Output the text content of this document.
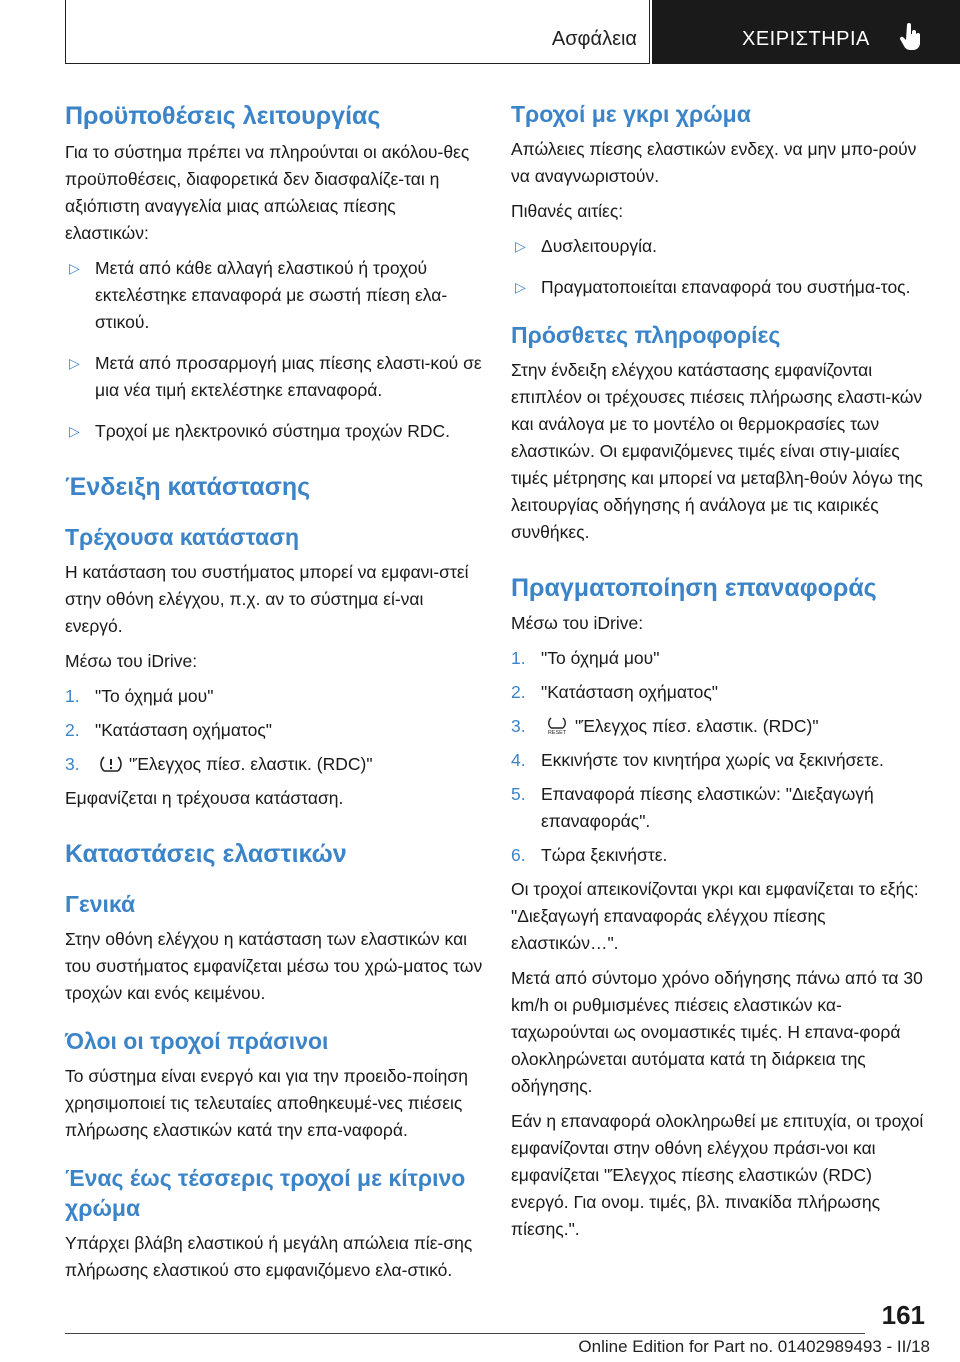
Ασφάλεια	ΧΕΙΡΙΣΤΗΡΙΑ
Προϋποθέσεις λειτουργίας
Για το σύστημα πρέπει να πληρούνται οι ακόλου-θες προϋποθέσεις, διαφορετικά δεν διασφαλίζε-ται η αξιόπιστη αναγγελία μιας απώλειας πίεσης ελαστικών:
▷ Μετά από κάθε αλλαγή ελαστικού ή τροχού εκτελέστηκε επαναφορά με σωστή πίεση ελα-στικού.
▷ Μετά από προσαρμογή μιας πίεσης ελαστι-κού σε μια νέα τιμή εκτελέστηκε επαναφορά.
▷ Τροχοί με ηλεκτρονικό σύστημα τροχών RDC.
Ένδειξη κατάστασης
Τρέχουσα κατάσταση
Η κατάσταση του συστήματος μπορεί να εμφανι-στεί στην οθόνη ελέγχου, π.χ. αν το σύστημα εί-ναι ενεργό.
Μέσω του iDrive:
1. "Το όχημά μου"
2. "Κατάσταση οχήματος"
3.	"Έλεγχος πίεσ. ελαστικ. (RDC)"
Εμφανίζεται η τρέχουσα κατάσταση.
Καταστάσεις ελαστικών
Γενικά
Στην οθόνη ελέγχου η κατάσταση των ελαστικών και του συστήματος εμφανίζεται μέσω του χρώ-ματος των τροχών και ενός κειμένου.
Όλοι οι τροχοί πράσινοι
Το σύστημα είναι ενεργό και για την προειδο-ποίηση χρησιμοποιεί τις τελευταίες αποθηκευμέ-νες πιέσεις πλήρωσης ελαστικών κατά την επα-ναφορά.
Ένας έως τέσσερις τροχοί με κίτρινο χρώμα
Υπάρχει βλάβη ελαστικού ή μεγάλη απώλεια πίε-σης πλήρωσης ελαστικού στο εμφανιζόμενο ελα-στικό.
Τροχοί με γκρι χρώμα
Απώλειες πίεσης ελαστικών ενδεχ. να μην μπο-ρούν να αναγνωριστούν.
Πιθανές αιτίες:
▷ Δυσλειτουργία.
▷ Πραγματοποιείται επαναφορά του συστήμα-τος.
Πρόσθετες πληροφορίες
Στην ένδειξη ελέγχου κατάστασης εμφανίζονται επιπλέον οι τρέχουσες πιέσεις πλήρωσης ελαστι-κών και ανάλογα με το μοντέλο οι θερμοκρασίες των ελαστικών. Οι εμφανιζόμενες τιμές είναι στιγ-μιαίες τιμές μέτρησης και μπορεί να μεταβλη-θούν λόγω της λειτουργίας οδήγησης ή ανάλογα με τις καιρικές συνθήκες.
Πραγματοποίηση επαναφοράς
Μέσω του iDrive:
1. "Το όχημά μου"
2. "Κατάσταση οχήματος"
3.	RESET "Έλεγχος πίεσ. ελαστικ. (RDC)"
4. Εκκινήστε τον κινητήρα χωρίς να ξεκινήσετε.
5. Επαναφορά πίεσης ελαστικών: "Διεξαγωγή επαναφοράς".
6. Τώρα ξεκινήστε.
Οι τροχοί απεικονίζονται γκρι και εμφανίζεται το εξής: "Διεξαγωγή επαναφοράς ελέγχου πίεσης ελαστικών…".
Μετά από σύντομο χρόνο οδήγησης πάνω από τα 30 km/h οι ρυθμισμένες πιέσεις ελαστικών κα-ταχωρούνται ως ονομαστικές τιμές. Η επανα-φορά ολοκληρώνεται αυτόματα κατά τη διάρκεια της οδήγησης.
Εάν η επαναφορά ολοκληρωθεί με επιτυχία, οι τροχοί εμφανίζονται στην οθόνη ελέγχου πράσι-νοι και εμφανίζεται "Έλεγχος πίεσης ελαστικών (RDC) ενεργό. Για ονομ. τιμές, βλ. πινακίδα πλήρωσης πίεσης.".
161
Online Edition for Part no. 01402989493 - II/18
